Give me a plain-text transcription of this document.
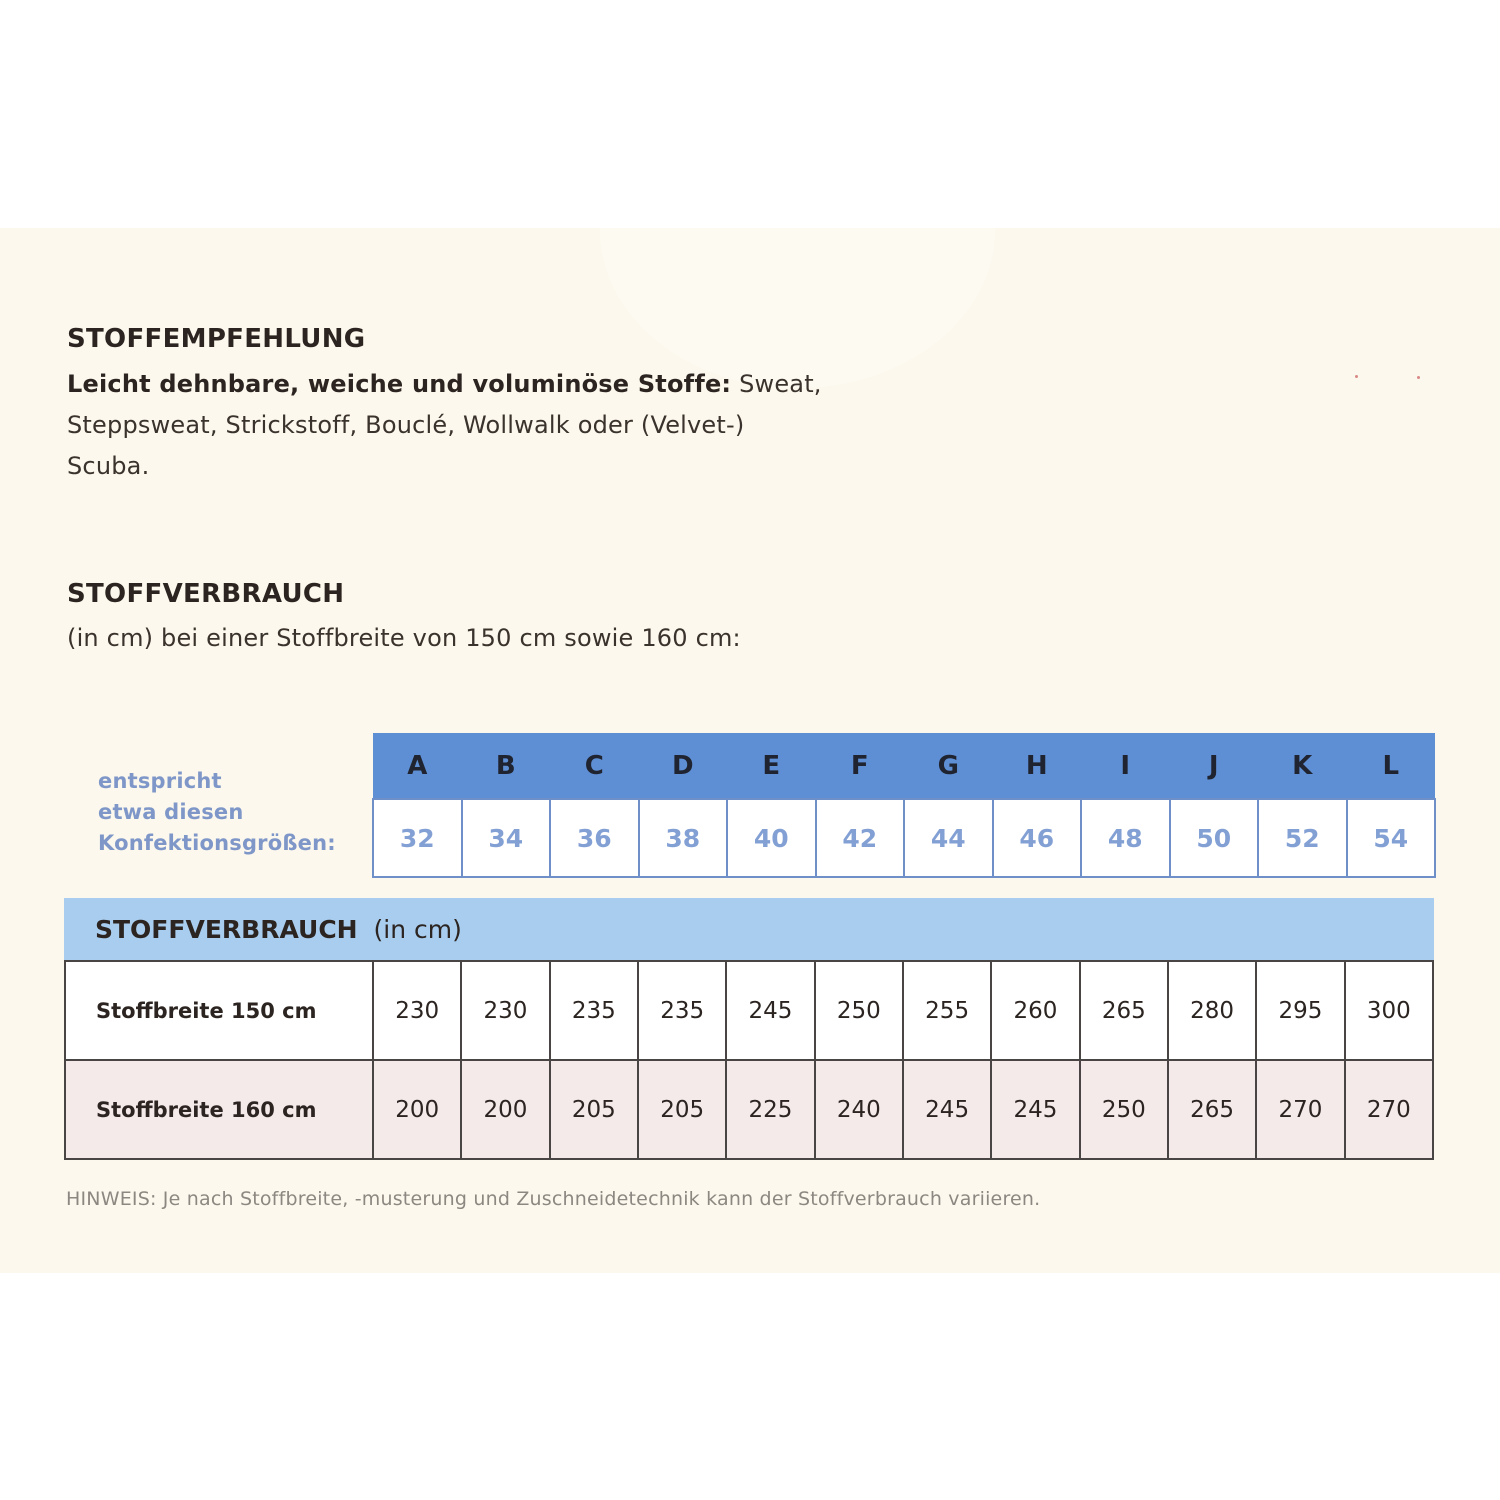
STOFFEMPFEHLUNG
Leicht dehnbare, weiche und voluminöse Stoffe: Sweat,
Steppsweat, Strickstoff, Bouclé, Wollwalk oder (Velvet-)
Scuba.
STOFFVERBRAUCH
(in cm) bei einer Stoffbreite von 150 cm sowie 160 cm:
entspricht
etwa diesen
Konfektionsgrößen:
A	B	C	D	E	F	G	H	I	J	K	L
32	34	36	38	40	42	44	46	48	50	52	54
STOFFVERBRAUCH (in cm)
Stoffbreite 150 cm	230	230	235	235	245	250	255	260	265	280	295	300
Stoffbreite 160 cm	200	200	205	205	225	240	245	245	250	265	270	270
HINWEIS: Je nach Stoffbreite, -musterung und Zuschneidetechnik kann der Stoffverbrauch variieren.
